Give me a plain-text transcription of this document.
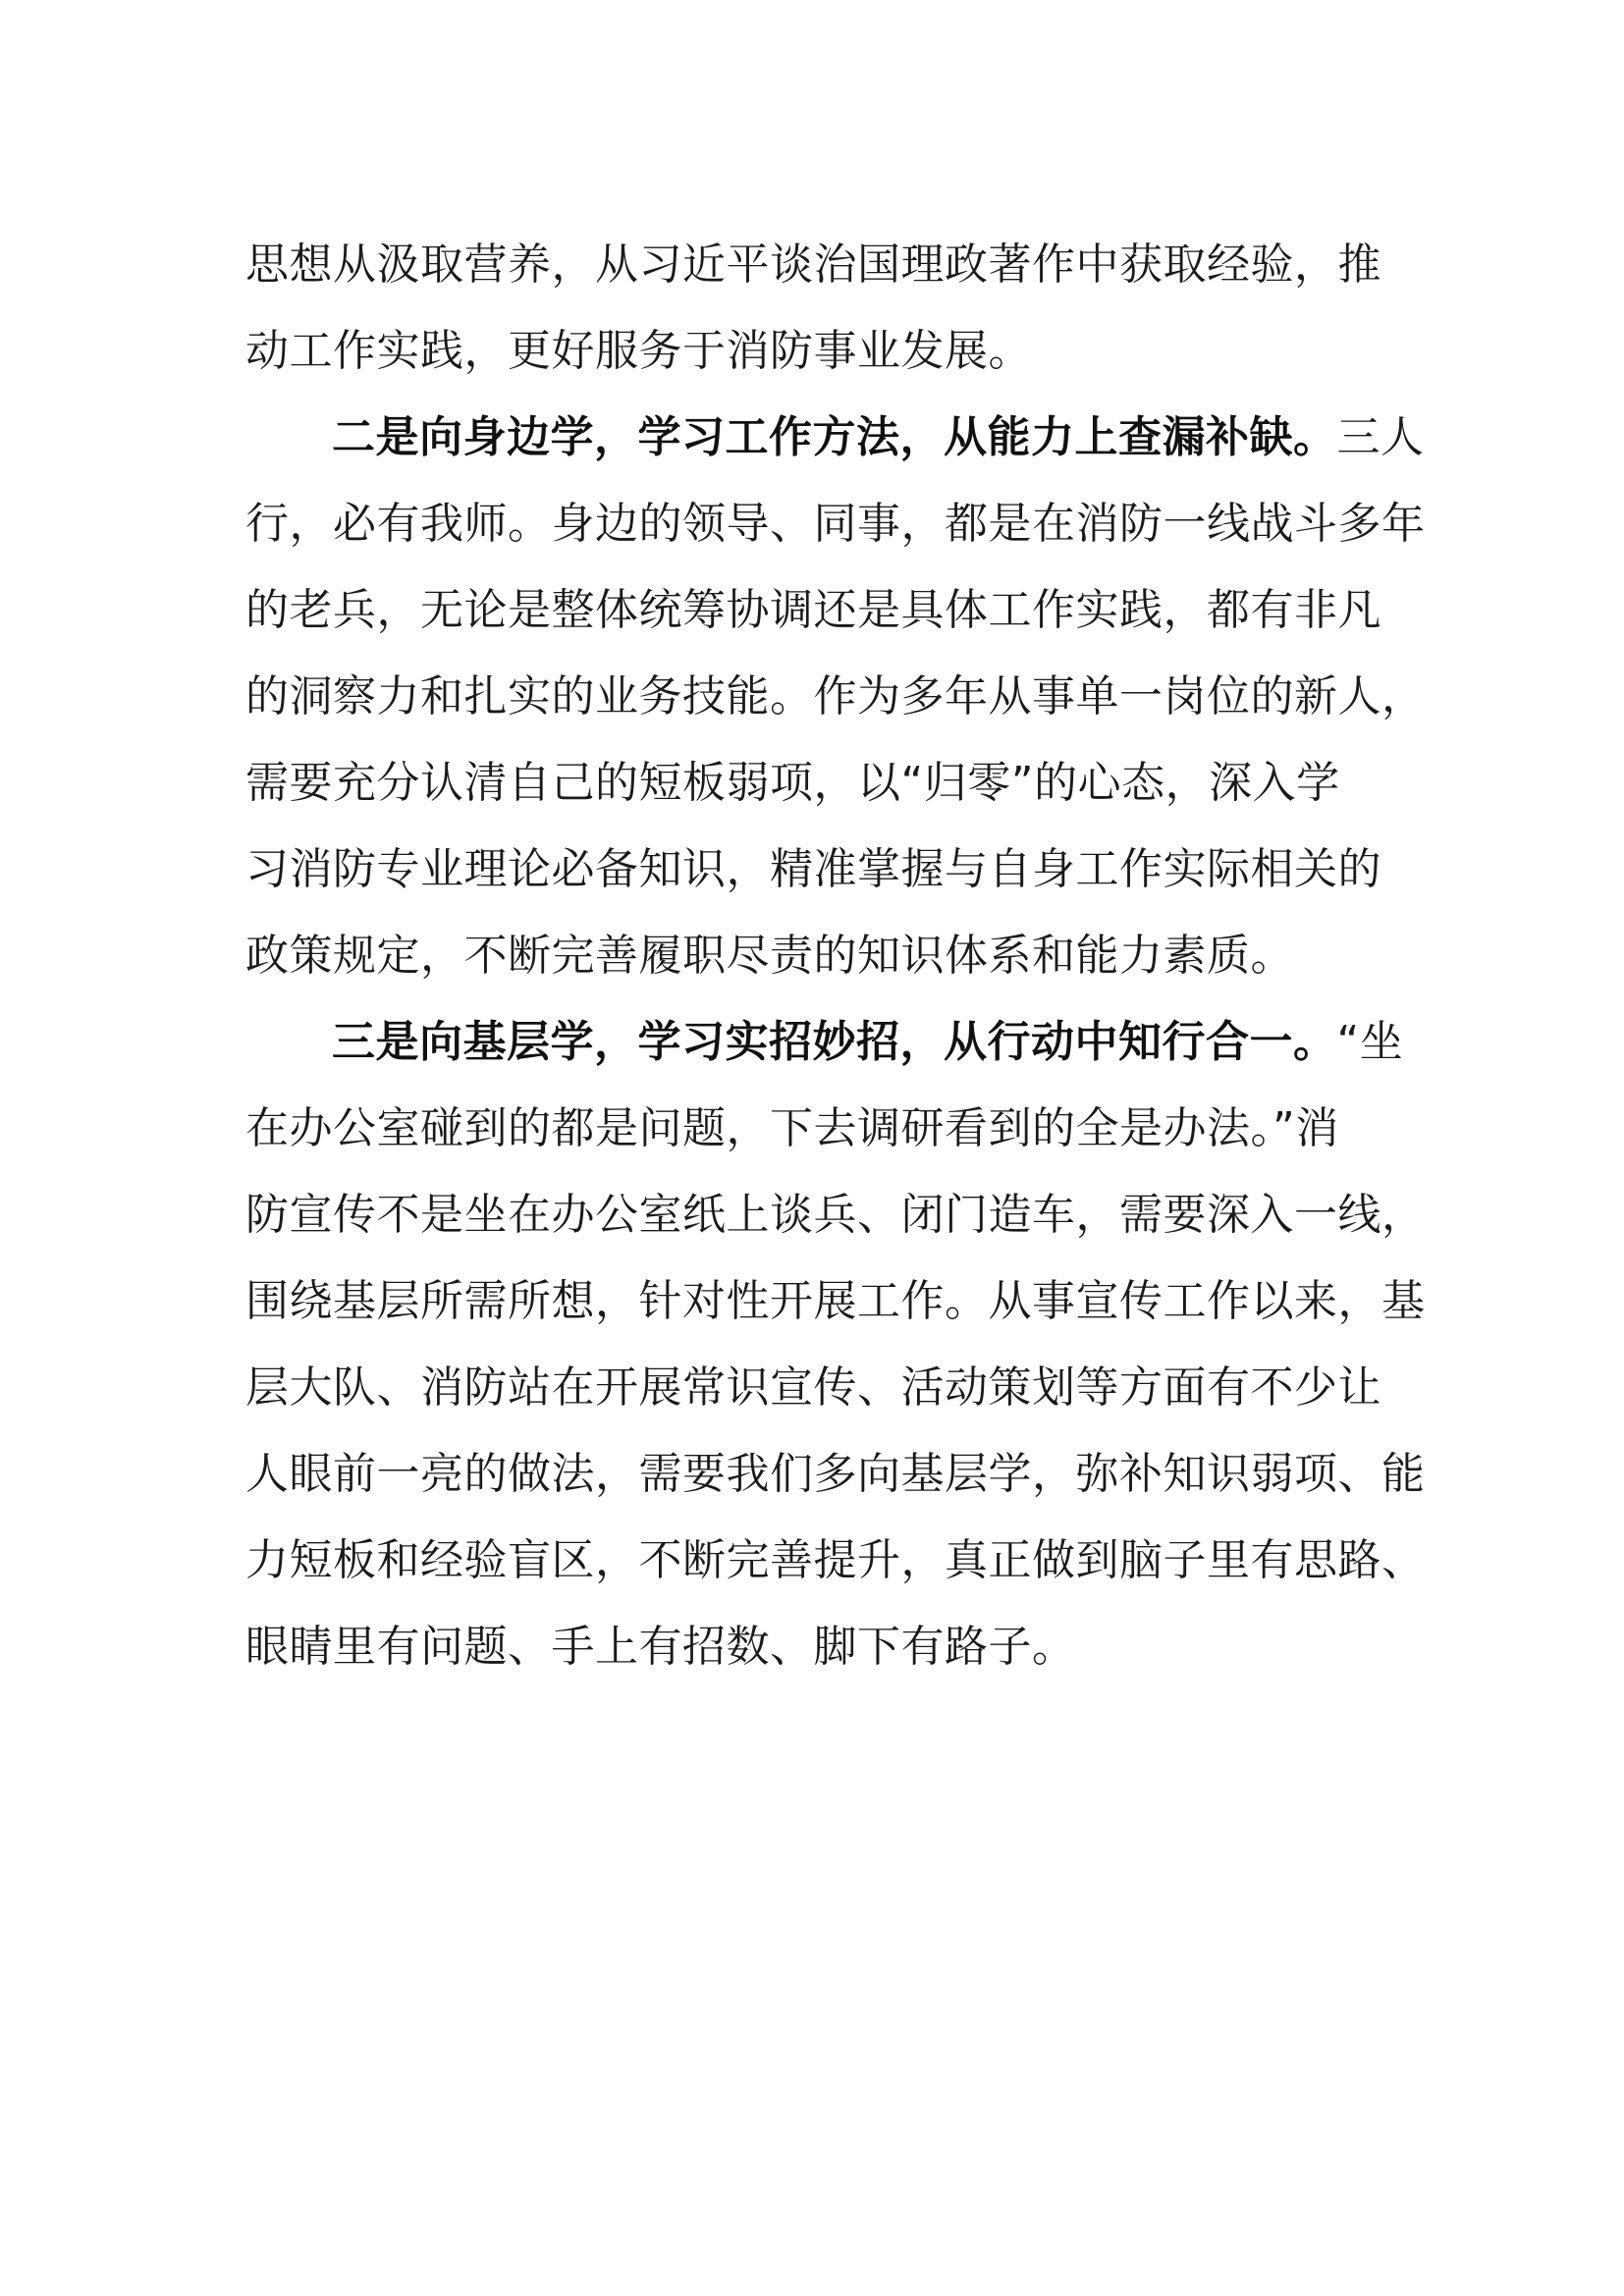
思想从汲取营养，从习近平谈治国理政著作中获取经验，推
动工作实践，更好服务于消防事业发展。
二是向身边学，学习工作方法，从能力上查漏补缺。三人
行，必有我师。身边的领导、同事，都是在消防一线战斗多年
的老兵，无论是整体统筹协调还是具体工作实践，都有非凡
的洞察力和扎实的业务技能。作为多年从事单一岗位的新人，
需要充分认清自己的短板弱项，以“归零”的心态，深入学
习消防专业理论必备知识，精准掌握与自身工作实际相关的
政策规定，不断完善履职尽责的知识体系和能力素质。
三是向基层学，学习实招妙招，从行动中知行合一。“坐
在办公室碰到的都是问题，下去调研看到的全是办法。”消
防宣传不是坐在办公室纸上谈兵、闭门造车，需要深入一线，
围绕基层所需所想，针对性开展工作。从事宣传工作以来，基
层大队、消防站在开展常识宣传、活动策划等方面有不少让
人眼前一亮的做法，需要我们多向基层学，弥补知识弱项、能
力短板和经验盲区，不断完善提升，真正做到脑子里有思路、
眼睛里有问题、手上有招数、脚下有路子。
